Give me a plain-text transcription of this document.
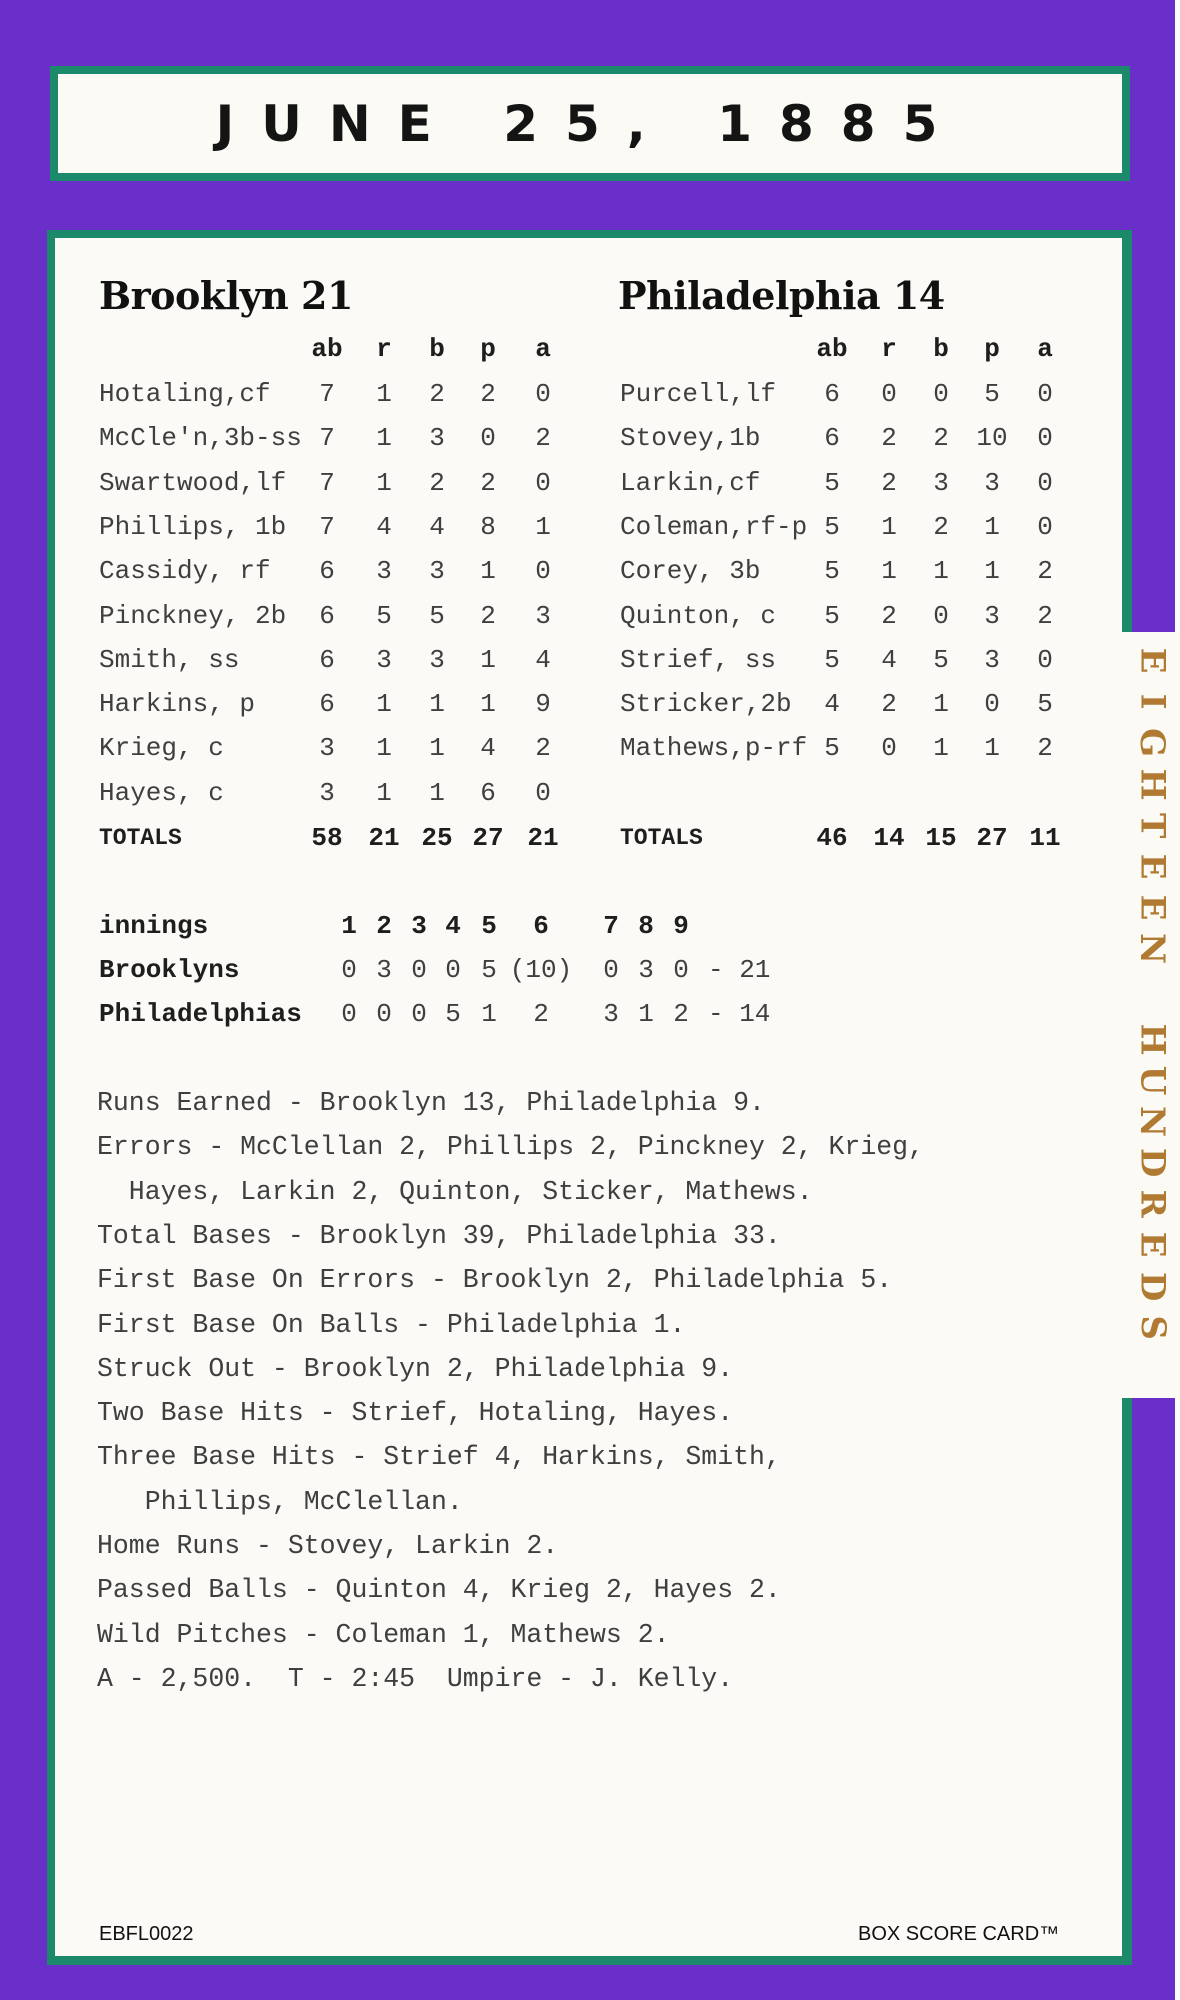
JUNE 25, 1885
E
I
G
H
T
E
E
N

H
U
N
D
R
E
D
S
Brooklyn 21
ab	r	b	p	a
Hotaling,cf	7	1	2	2	0
McCle'n,3b-ss 7	1	3	0	2
Swartwood,lf	7	1	2	2	0
Phillips, 1b	7	4	4	8	1
Cassidy, rf	6	3	3	1	0
Pinckney, 2b	6	5	5	2	3
Smith, ss	6	3	3	1	4
Harkins, p	6	1	1	1	9
Krieg, c	3	1	1	4	2
Hayes, c	3	1	1	6	0
TOTALS	58 21 25 27 21
Philadelphia 14
ab	r	b	p	a
Purcell,lf	6	0	0	5	0
Stovey,1b	6	2	2	10	0
Larkin,cf	5	2	3	3	0
Coleman,rf-p 5	1	2	1	0
Corey, 3b	5	1	1	1	2
Quinton, c	5	2	0	3	2
Strief, ss	5	4	5	3	0
Stricker,2b	4	2	1	0	5
Mathews,p-rf 5	0	1	1	2
TOTALS	46 14 15 27 11
innings	1 2 3 4 5	6	7 8 9
Brooklyns	0 3 0 0 5 (10)	0 3 0 - 21
Philadelphias	0 0 0 5 1	2	3 1 2 - 14
Runs Earned - Brooklyn 13, Philadelphia 9.
Errors - McClellan 2, Phillips 2, Pinckney 2, Krieg,
Hayes, Larkin 2, Quinton, Sticker, Mathews.
Total Bases - Brooklyn 39, Philadelphia 33.
First Base On Errors - Brooklyn 2, Philadelphia 5.
First Base On Balls - Philadelphia 1.
Struck Out - Brooklyn 2, Philadelphia 9.
Two Base Hits - Strief, Hotaling, Hayes.
Three Base Hits - Strief 4, Harkins, Smith,
Phillips, McClellan.
Home Runs - Stovey, Larkin 2.
Passed Balls - Quinton 4, Krieg 2, Hayes 2.
Wild Pitches - Coleman 1, Mathews 2.
A - 2,500.  T - 2:45  Umpire - J. Kelly.
EBFL0022	BOX SCORE CARD™
